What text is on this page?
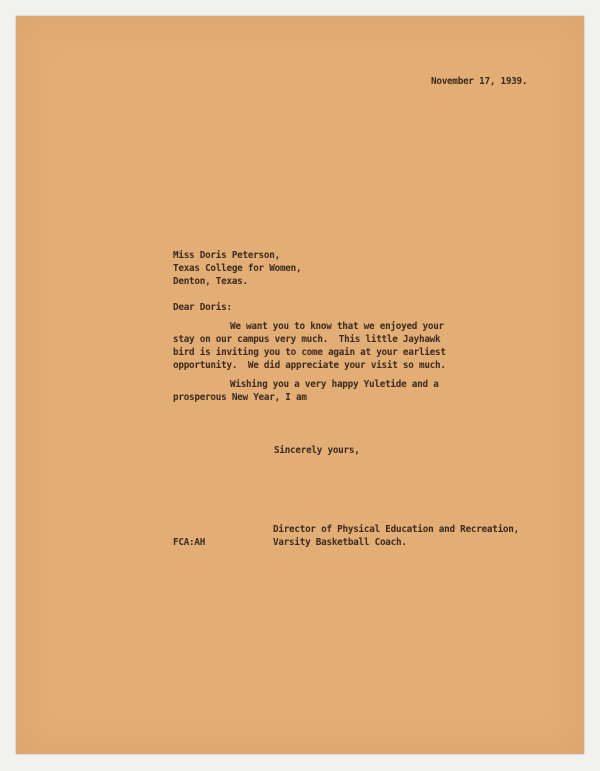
November 17, 1939.

Miss Doris Peterson,

Texas College for Women,

Denton, Texas.

Dear Doris:

We want you to know that we enjoyed your

stay on our campus very much.  This little Jayhawk

bird is inviting you to come again at your earliest

opportunity.  We did appreciate your visit so much.

Wishing you a very happy Yuletide and a

prosperous New Year, I am

Sincerely yours,

Director of Physical Education and Recreation,

Varsity Basketball Coach.

FCA:AH
